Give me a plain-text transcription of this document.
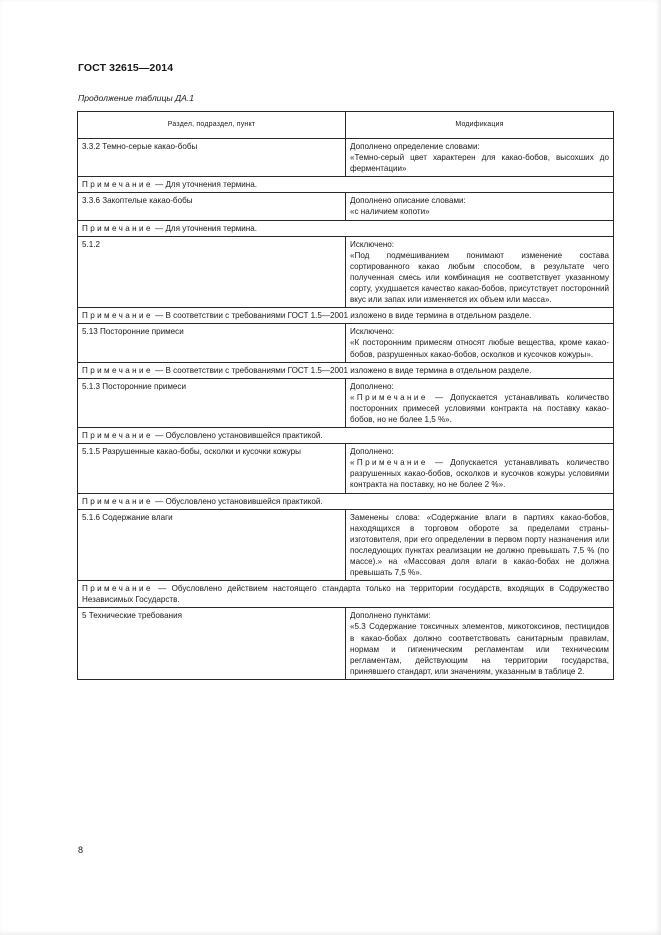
ГОСТ 32615—2014
Продолжение таблицы ДА.1
Раздел, подраздел, пункт	Модификация
3.3.2 Темно-серые какао-бобы	Дополнено определение словами:
«Темно-серый цвет характерен для какао-бобов, высохших до ферментации»

Примечание — Для уточнения термина.	
3.3.6 Закоптелые какао-бобы	Дополнено описание словами:
«с наличием копоти»

Примечание — Для уточнения термина.	
5.1.2	Исключено:
«Под подмешиванием понимают изменение состава сортированного какао любым способом, в результате чего полученная смесь или комбинация не соответствует указанному сорту, ухудшается качество какао-бобов, присутствует посторонний вкус или запах или изменяется их объем или масса».

Примечание — В соответствии с требованиями ГОСТ 1.5—2001 изложено в виде термина в отдельном разделе.	
5.13 Посторонние примеси	Исключено:
«К посторонним примесям относят любые вещества, кроме какао-бобов, разрушенных какао-бобов, осколков и кусочков кожуры».

Примечание — В соответствии с требованиями ГОСТ 1.5—2001 изложено в виде термина в отдельном разделе.	
5.1.3 Посторонние примеси	Дополнено:
«Примечание — Допускается устанавливать количество посторонних примесей условиями контракта на поставку какао-бобов, но не более 1,5 %».

Примечание — Обусловлено установившейся практикой.	
5.1.5 Разрушенные какао-бобы, осколки и кусочки кожуры	Дополнено:
«Примечание — Допускается устанавливать количество разрушенных какао-бобов, осколков и кусочков кожуры условиями контракта на поставку, но не более 2 %».

Примечание — Обусловлено установившейся практикой.	
5.1.6 Содержание влаги	Заменены слова: «Содержание влаги в партиях какао-бобов, находящихся в торговом обороте за пределами страны-изготовителя, при его определении в первом порту назначения или последующих пунктах реализации не должно превышать 7,5 % (по массе).» на «Массовая доля влаги в какао-бобах не должна превышать 7,5 %».

Примечание — Обусловлено действием настоящего стандарта только на территории государств, входящих в Содружество Независимых Государств.	
5 Технические требования	Дополнено пунктами:
«5.3 Содержание токсичных элементов, микотоксинов, пестицидов в какао-бобах должно соответствовать санитарным правилам, нормам и гигиеническим регламентам или техническим регламентам, действующим на территории государства, принявшего стандарт, или значениям, указанным в таблице 2.
8
